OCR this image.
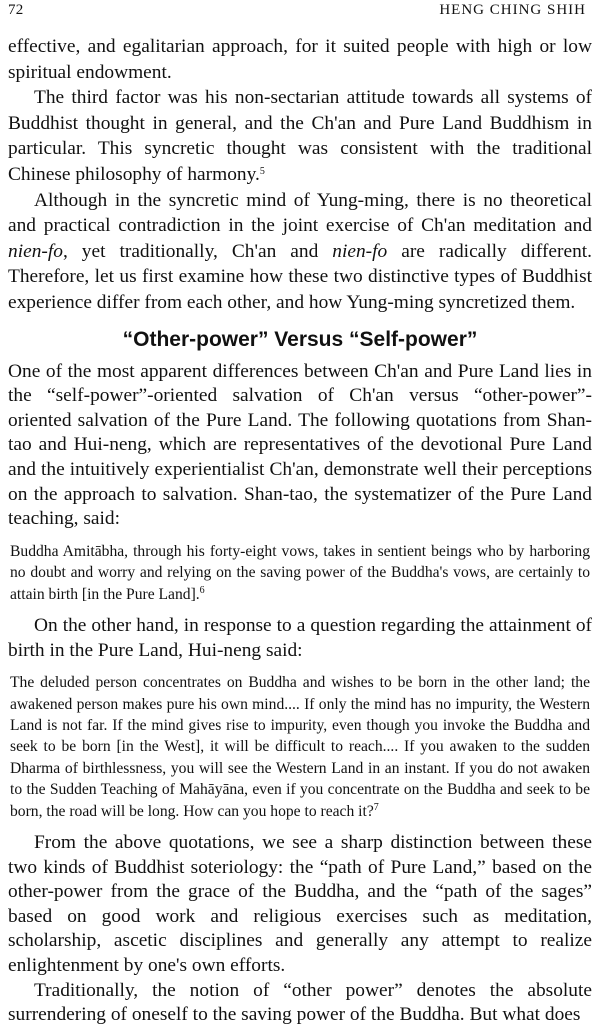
72	HENG CHING SHIH

effective, and egalitarian approach, for it suited people with high or low spiritual endowment.

The third factor was his non-sectarian attitude towards all systems of Buddhist thought in general, and the Ch'an and Pure Land Buddhism in particular. This syncretic thought was consistent with the traditional Chinese philosophy of harmony.$^5$

Although in the syncretic mind of Yung-ming, there is no theoretical and practical contradiction in the joint exercise of Ch'an meditation and nien-fo, yet traditionally, Ch'an and nien-fo are radically different. Therefore, let us first examine how these two distinctive types of Buddhist experience differ from each other, and how Yung-ming syncretized them.

“Other-power” Versus “Self-power”

One of the most apparent differences between Ch'an and Pure Land lies in the “self-power”-oriented salvation of Ch'an versus “other-power”-oriented salvation of the Pure Land. The following quotations from Shan-tao and Hui-neng, which are representatives of the devotional Pure Land and the intuitively experientialist Ch'an, demonstrate well their perceptions on the approach to salvation. Shan-tao, the systematizer of the Pure Land teaching, said:

Buddha Amitābha, through his forty-eight vows, takes in sentient beings who by harboring no doubt and worry and relying on the saving power of the Buddha's vows, are certainly to attain birth [in the Pure Land].$^6$

On the other hand, in response to a question regarding the attainment of birth in the Pure Land, Hui-neng said:

The deluded person concentrates on Buddha and wishes to be born in the other land; the awakened person makes pure his own mind.... If only the mind has no impurity, the Western Land is not far. If the mind gives rise to impurity, even though you invoke the Buddha and seek to be born [in the West], it will be difficult to reach.... If you awaken to the sudden Dharma of birthlessness, you will see the Western Land in an instant. If you do not awaken to the Sudden Teaching of Mahāyāna, even if you concentrate on the Buddha and seek to be born, the road will be long. How can you hope to reach it?$^7$

From the above quotations, we see a sharp distinction between these two kinds of Buddhist soteriology: the “path of Pure Land,” based on the other-power from the grace of the Buddha, and the “path of the sages” based on good work and religious exercises such as meditation, scholarship, ascetic disciplines and generally any attempt to realize enlightenment by one's own efforts.

Traditionally, the notion of “other power” denotes the absolute surrendering of oneself to the saving power of the Buddha. But what does
